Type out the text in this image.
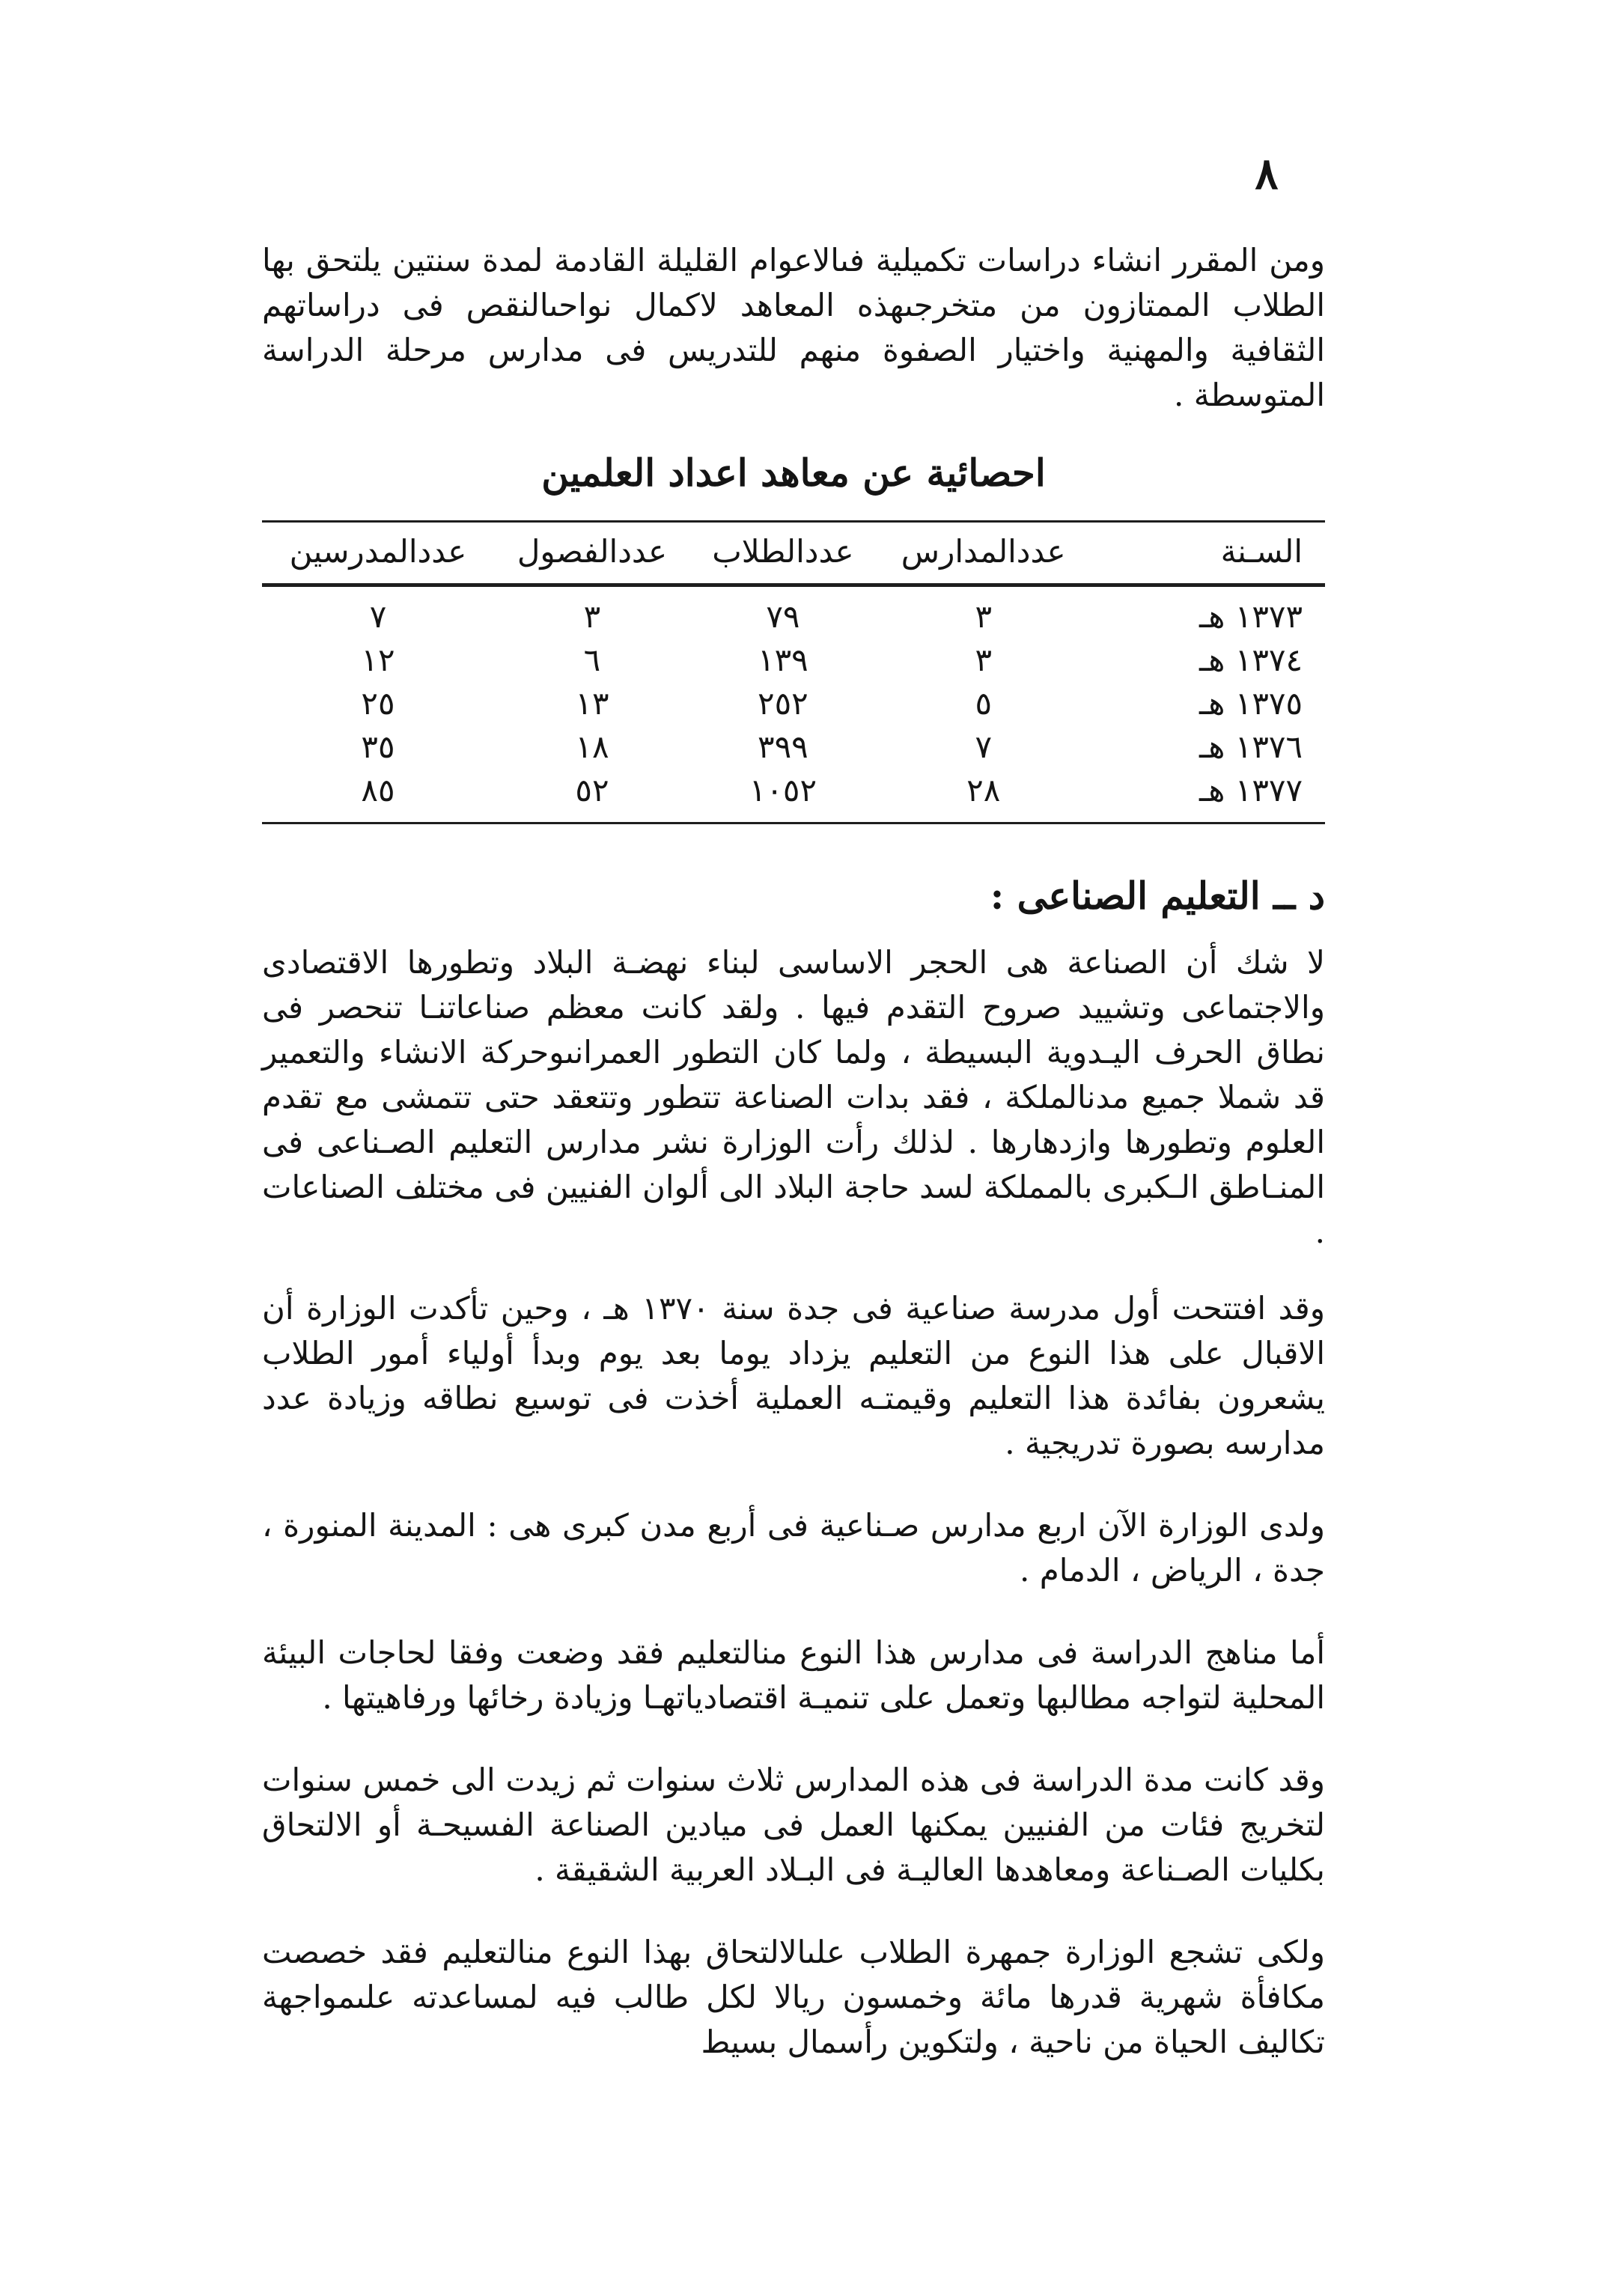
٨

ومن المقرر انشاء دراسات تكميلية فىالاعوام القليلة القادمة لمدة سنتين يلتحق بها الطلاب الممتازون من متخرجىهذه المعاهد لاكمال نواحىالنقص فى دراساتهم الثقافية والمهنية واختيار الصفوة منهم للتدريس فى مدارس مرحلة الدراسة المتوسطة .

احصائية عن معاهد اعداد العلمين
السـنة	عددالمدارس	عددالطلاب	عددالفصول	عددالمدرسين
١٣٧٣ هـ	٣	٧٩	٣	٧
١٣٧٤ هـ	٣	١٣٩	٦	١٢
١٣٧٥ هـ	٥	٢٥٢	١٣	٢٥
١٣٧٦ هـ	٧	٣٩٩	١٨	٣٥
١٣٧٧ هـ	٢٨	١٠٥٢	٥٢	٨٥
د ــ التعليم الصناعى :

لا شك أن الصناعة هى الحجر الاساسى لبناء نهضـة البلاد وتطورها الاقتصادى والاجتماعى وتشييد صروح التقدم فيها . ولقد كانت معظم صناعاتنـا تنحصر فى نطاق الحرف اليـدوية البسيطة ، ولما كان التطور العمرانىوحركة الانشاء والتعمير قد شملا جميع مدنالملكة ، فقد بدات الصناعة تتطور وتتعقد حتى تتمشى مع تقدم العلوم وتطورها وازدهارها . لذلك رأت الوزارة نشر مدارس التعليم الصـناعى فى المنـاطق الـكبرى بالمملكة لسد حاجة البلاد الى ألوان الفنيين فى مختلف الصناعات .

وقد افتتحت أول مدرسة صناعية فى جدة سنة ١٣٧٠ هـ ، وحين تأكدت الوزارة أن الاقبال على هذا النوع من التعليم يزداد يوما بعد يوم وبدأ أولياء أمور الطلاب يشعرون بفائدة هذا التعليم وقيمتـه العملية أخذت فى توسيع نطاقه وزيادة عدد مدارسه بصورة تدريجية .

ولدى الوزارة الآن اربع مدارس صـناعية فى أربع مدن كبرى هى : المدينة المنورة ، جدة ، الرياض ، الدمام .

أما مناهج الدراسة فى مدارس هذا النوع منالتعليم فقد وضعت وفقا لحاجات البيئة المحلية لتواجه مطالبها وتعمل على تنميـة اقتصادياتهـا وزيادة رخائها ورفاهيتها .

وقد كانت مدة الدراسة فى هذه المدارس ثلاث سنوات ثم زيدت الى خمس سنوات لتخريج فئات من الفنيين يمكنها العمل فى ميادين الصناعة الفسيحـة أو الالتحاق بكليات الصـناعة ومعاهدها العاليـة فى البـلاد العربية الشقيقة .

ولكى تشجع الوزارة جمهرة الطلاب علىالالتحاق بهذا النوع منالتعليم فقد خصصت مكافأة شهرية قدرها مائة وخمسون ريالا لكل طالب فيه لمساعدته علىمواجهة تكاليف الحياة من ناحية ، ولتكوين رأسمال بسيط
